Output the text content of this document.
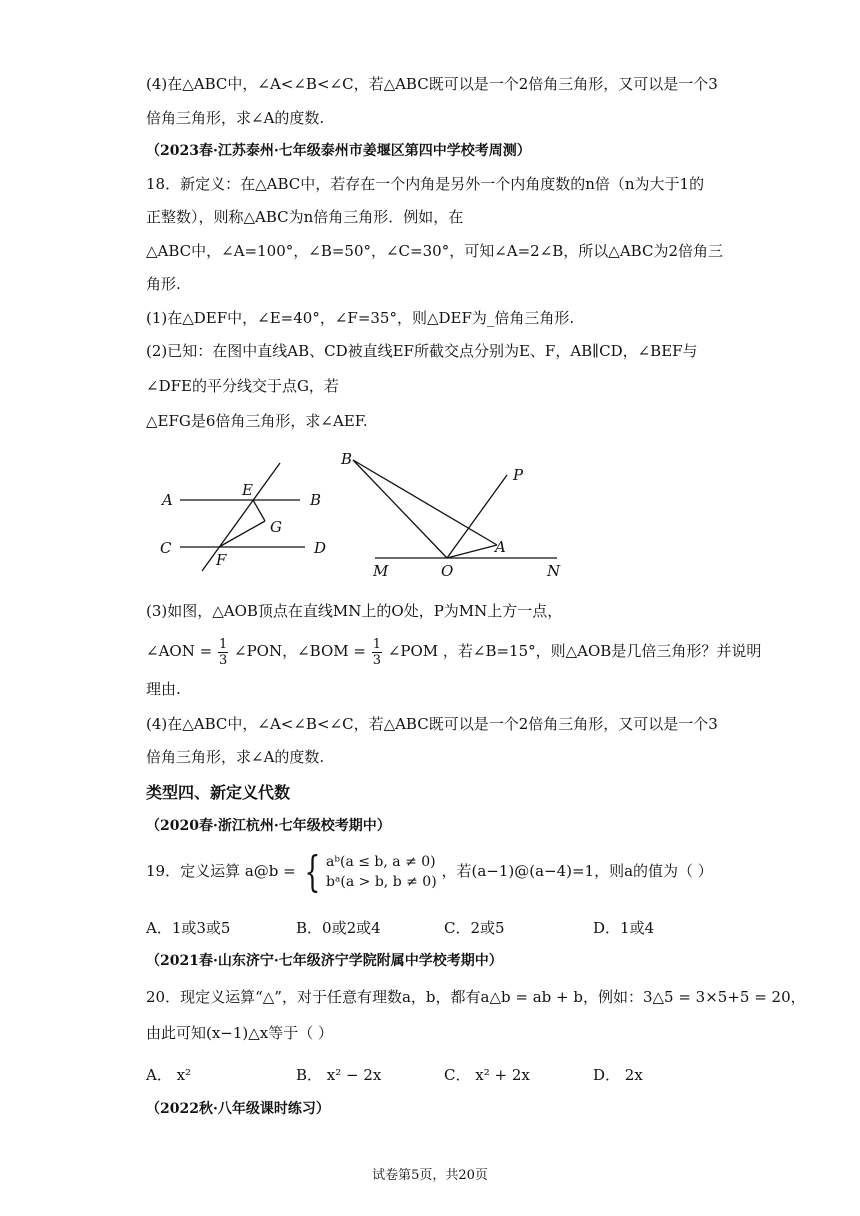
(4)在△ABC中，∠A<∠B<∠C，若△ABC既可以是一个2倍角三角形，又可以是一个3
倍角三角形，求∠A的度数.
（2023春·江苏泰州·七年级泰州市姜堰区第四中学校考周测）
18．新定义：在△ABC中，若存在一个内角是另外一个内角度数的n倍（n为大于1的
正整数），则称△ABC为n倍角三角形．例如，在
△ABC中，∠A=100°，∠B=50°，∠C=30°，可知∠A=2∠B，所以△ABC为2倍角三
角形.
(1)在△DEF中，∠E=40°，∠F=35°，则△DEF为_倍角三角形.
(2)已知：在图中直线AB、CD被直线EF所截交点分别为E、F，AB∥CD，∠BEF与
∠DFE的平分线交于点G，若
△EFG是6倍角三角形，求∠AEF.
A
E
B
G
C
F
D
B
P
A
M	O	N
(3)如图，△AOB顶点在直线MN上的O处，P为MN上方一点，
∠AON = $\frac{1}{3}$ ∠PON，∠BOM = $\frac{1}{3}$ ∠POM ，若∠B=15°，则△AOB是几倍三角形？并说明
理由.
(4)在△ABC中，∠A<∠B<∠C，若△ABC既可以是一个2倍角三角形，又可以是一个3
倍角三角形，求∠A的度数.
类型四、新定义代数
（2020春·浙江杭州·七年级校考期中）
19．定义运算 a@b = { aᵇ(a ≤ b, a ≠ 0)
bᵃ(a > b, b ≠ 0)
，若(a−1)@(a−4)=1，则a的值为（ ）
A．1或3或5	B．0或2或4	C．2或5	D．1或4
（2021春·山东济宁·七年级济宁学院附属中学校考期中）
20．现定义运算“△”，对于任意有理数a，b，都有a△b = ab + b，例如：3△5 = 3×5+5 = 20，
由此可知(x−1)△x等于（ ）
A． x²	B． x² − 2x	C． x² + 2x	D． 2x
（2022秋·八年级课时练习）
试卷第5页，共20页
